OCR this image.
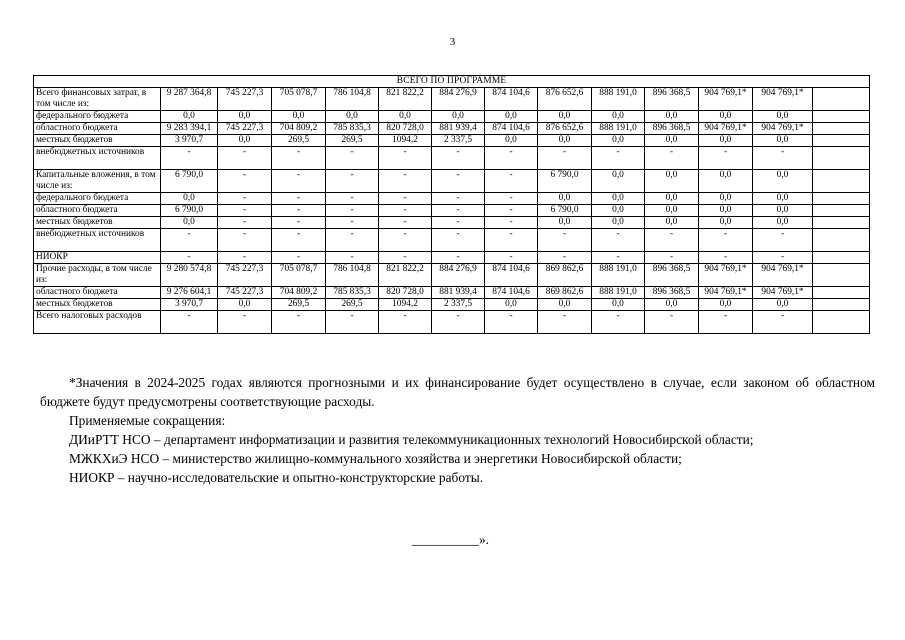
3
ВСЕГО ПО ПРОГРАММЕ													
Всего финансовых затрат, в том числе из:	9 287 364,8	745 227,3	705 078,7	786 104,8	821 822,2	884 276,9	874 104,6	876 652,6	888 191,0	896 368,5	904 769,1*	904 769,1*	
федерального бюджета	0,0	0,0	0,0	0,0	0,0	0,0	0,0	0,0	0,0	0,0	0,0	0,0	
областного бюджета	9 283 394,1	745 227,3	704 809,2	785 835,3	820 728,0	881 939,4	874 104,6	876 652,6	888 191,0	896 368,5	904 769,1*	904 769,1*	
местных бюджетов	3 970,7	0,0	269,5	269,5	1094,2	2 337,5	0,0	0,0	0,0	0,0	0,0	0,0	
внебюджетных источников	-	-	-	-	-	-	-	-	-	-	-	-	
Капитальные вложения, в том числе из:	6 790,0	-	-	-	-	-	-	6 790,0	0,0	0,0	0,0	0,0	
федерального бюджета	0,0	-	-	-	-	-	-	0,0	0,0	0,0	0,0	0,0	
областного бюджета	6 790,0	-	-	-	-	-	-	6 790,0	0,0	0,0	0,0	0,0	
местных бюджетов	0,0	-	-	-	-	-	-	0,0	0,0	0,0	0,0	0,0	
внебюджетных источников	-	-	-	-	-	-	-	-	-	-	-	-	
НИОКР	-	-	-	-	-	-	-	-	-	-	-	-	
Прочие расходы, в том числе из:	9 280 574,8	745 227,3	705 078,7	786 104,8	821 822,2	884 276,9	874 104,6	869 862,6	888 191,0	896 368,5	904 769,1*	904 769,1*	
областного бюджета	9 276 604,1	745 227,3	704 809,2	785 835,3	820 728,0	881 939,4	874 104,6	869 862,6	888 191,0	896 368,5	904 769,1*	904 769,1*	
местных бюджетов	3 970,7	0,0	269,5	269,5	1094,2	2 337,5	0,0	0,0	0,0	0,0	0,0	0,0	
Всего налоговых расходов	-	-	-	-	-	-	-	-	-	-	-	-	

*Значения в 2024-2025 годах являются прогнозными и их финансирование будет осуществлено в случае, если законом об областном бюджете будут предусмотрены соответствующие расходы.

Применяемые сокращения:

ДИиРТТ НСО – департамент информатизации и развития телекоммуникационных технологий Новосибирской области;

МЖКХиЭ НСО – министерство жилищно-коммунального хозяйства и энергетики Новосибирской области;

НИОКР – научно-исследовательские и опытно-конструкторские работы.

__________».
